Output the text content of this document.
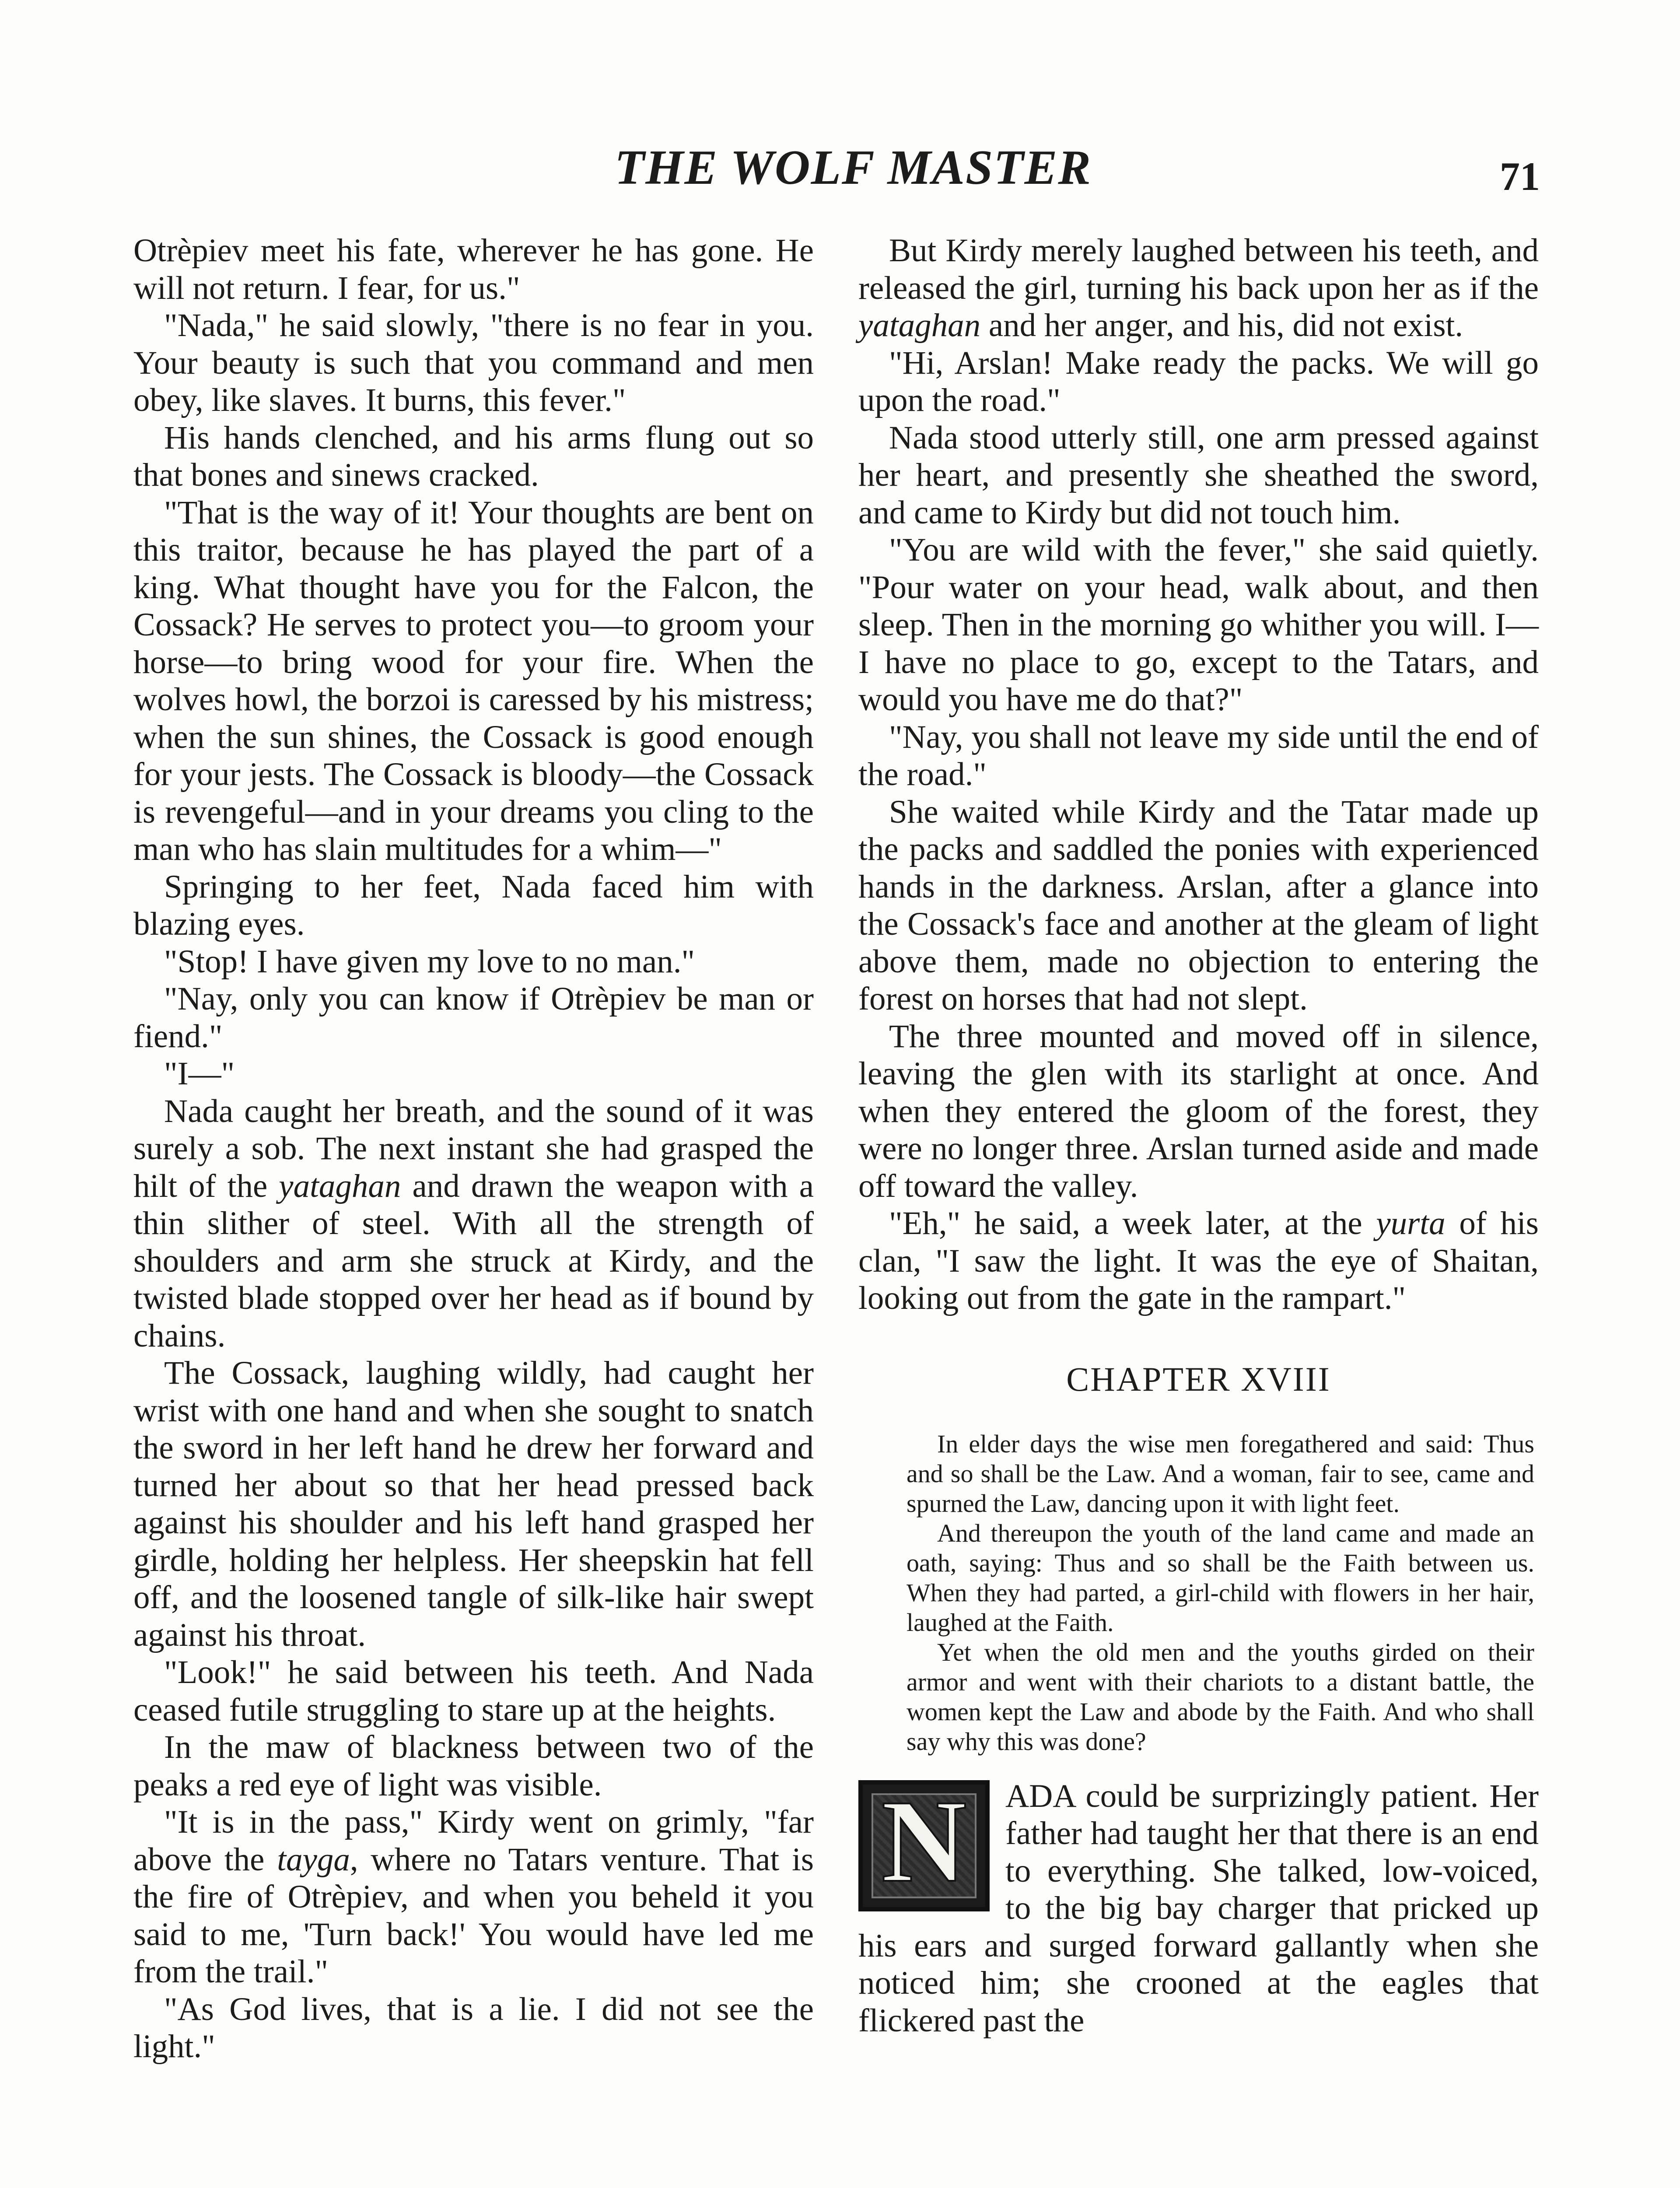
THE WOLF MASTER	71

Otrèpiev meet his fate, wherever he has gone. He will not return. I fear, for us."

"Nada," he said slowly, "there is no fear in you. Your beauty is such that you command and men obey, like slaves. It burns, this fever."

His hands clenched, and his arms flung out so that bones and sinews cracked.

"That is the way of it! Your thoughts are bent on this traitor, because he has played the part of a king. What thought have you for the Falcon, the Cossack? He serves to protect you—to groom your horse—to bring wood for your fire. When the wolves howl, the borzoi is caressed by his mistress; when the sun shines, the Cossack is good enough for your jests. The Cossack is bloody—the Cossack is revengeful—and in your dreams you cling to the man who has slain multitudes for a whim—"

Springing to her feet, Nada faced him with blazing eyes.

"Stop! I have given my love to no man."

"Nay, only you can know if Otrèpiev be man or fiend."

"I—"

Nada caught her breath, and the sound of it was surely a sob. The next instant she had grasped the hilt of the yataghan and drawn the weapon with a thin slither of steel. With all the strength of shoulders and arm she struck at Kirdy, and the twisted blade stopped over her head as if bound by chains.

The Cossack, laughing wildly, had caught her wrist with one hand and when she sought to snatch the sword in her left hand he drew her forward and turned her about so that her head pressed back against his shoulder and his left hand grasped her girdle, holding her helpless. Her sheepskin hat fell off, and the loosened tangle of silk-like hair swept against his throat.

"Look!" he said between his teeth. And Nada ceased futile struggling to stare up at the heights.

In the maw of blackness between two of the peaks a red eye of light was visible.

"It is in the pass," Kirdy went on grimly, "far above the tayga, where no Tatars venture. That is the fire of Otrèpiev, and when you beheld it you said to me, 'Turn back!' You would have led me from the trail."

"As God lives, that is a lie. I did not see the light."

But Kirdy merely laughed between his teeth, and released the girl, turning his back upon her as if the yataghan and her anger, and his, did not exist.

"Hi, Arslan! Make ready the packs. We will go upon the road."

Nada stood utterly still, one arm pressed against her heart, and presently she sheathed the sword, and came to Kirdy but did not touch him.

"You are wild with the fever," she said quietly. "Pour water on your head, walk about, and then sleep. Then in the morning go whither you will. I—I have no place to go, except to the Tatars, and would you have me do that?"

"Nay, you shall not leave my side until the end of the road."

She waited while Kirdy and the Tatar made up the packs and saddled the ponies with experienced hands in the darkness. Arslan, after a glance into the Cossack's face and another at the gleam of light above them, made no objection to entering the forest on horses that had not slept.

The three mounted and moved off in silence, leaving the glen with its starlight at once. And when they entered the gloom of the forest, they were no longer three. Arslan turned aside and made off toward the valley.

"Eh," he said, a week later, at the yurta of his clan, "I saw the light. It was the eye of Shaitan, looking out from the gate in the rampart."

CHAPTER XVIII

In elder days the wise men foregathered and said: Thus and so shall be the Law. And a woman, fair to see, came and spurned the Law, dancing upon it with light feet.

And thereupon the youth of the land came and made an oath, saying: Thus and so shall be the Faith between us. When they had parted, a girl-child with flowers in her hair, laughed at the Faith.

Yet when the old men and the youths girded on their armor and went with their chariots to a distant battle, the women kept the Law and abode by the Faith. And who shall say why this was done?

N	ADA could be surprizingly patient. Her father had taught her that there is an end to everything. She talked, low-voiced, to the big bay charger that pricked up his ears and surged forward gallantly when she noticed him; she crooned at the eagles that flickered past the
